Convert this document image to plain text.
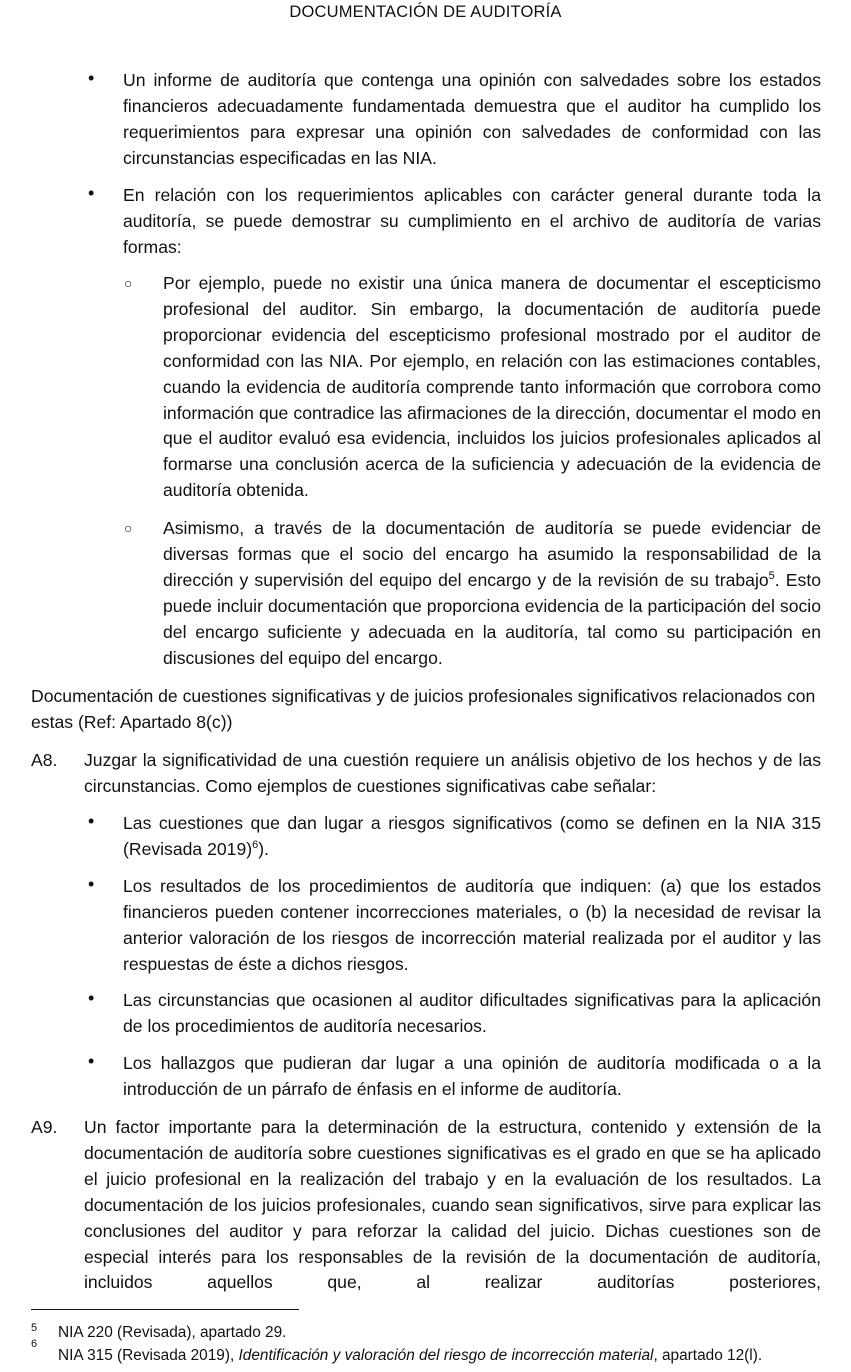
DOCUMENTACIÓN DE AUDITORÍA
• Un informe de auditoría que contenga una opinión con salvedades sobre los estados financieros adecuadamente fundamentada demuestra que el auditor ha cumplido los requerimientos para expresar una opinión con salvedades de conformidad con las circunstancias especificadas en las NIA.
• En relación con los requerimientos aplicables con carácter general durante toda la auditoría, se puede demostrar su cumplimiento en el archivo de auditoría de varias formas:
○ Por ejemplo, puede no existir una única manera de documentar el escepticismo profesional del auditor. Sin embargo, la documentación de auditoría puede proporcionar evidencia del escepticismo profesional mostrado por el auditor de conformidad con las NIA. Por ejemplo, en relación con las estimaciones contables, cuando la evidencia de auditoría comprende tanto información que corrobora como información que contradice las afirmaciones de la dirección, documentar el modo en que el auditor evaluó esa evidencia, incluidos los juicios profesionales aplicados al formarse una conclusión acerca de la suficiencia y adecuación de la evidencia de auditoría obtenida.
○ Asimismo, a través de la documentación de auditoría se puede evidenciar de diversas formas que el socio del encargo ha asumido la responsabilidad de la dirección y supervisión del equipo del encargo y de la revisión de su trabajo$^5$. Esto puede incluir documentación que proporciona evidencia de la participación del socio del encargo suficiente y adecuada en la auditoría, tal como su participación en discusiones del equipo del encargo.
Documentación de cuestiones significativas y de juicios profesionales significativos relacionados con estas (Ref: Apartado 8(c))
A8. Juzgar la significatividad de una cuestión requiere un análisis objetivo de los hechos y de las circunstancias. Como ejemplos de cuestiones significativas cabe señalar:
• Las cuestiones que dan lugar a riesgos significativos (como se definen en la NIA 315 (Revisada 2019)$^6$).
• Los resultados de los procedimientos de auditoría que indiquen: (a) que los estados financieros pueden contener incorrecciones materiales, o (b) la necesidad de revisar la anterior valoración de los riesgos de incorrección material realizada por el auditor y las respuestas de éste a dichos riesgos.
• Las circunstancias que ocasionen al auditor dificultades significativas para la aplicación de los procedimientos de auditoría necesarios.
• Los hallazgos que pudieran dar lugar a una opinión de auditoría modificada o a la introducción de un párrafo de énfasis en el informe de auditoría.
A9. Un factor importante para la determinación de la estructura, contenido y extensión de la documentación de auditoría sobre cuestiones significativas es el grado en que se ha aplicado el juicio profesional en la realización del trabajo y en la evaluación de los resultados. La documentación de los juicios profesionales, cuando sean significativos, sirve para explicar las conclusiones del auditor y para reforzar la calidad del juicio. Dichas cuestiones son de especial interés para los responsables de la revisión de la documentación de auditoría, incluidos aquellos que, al realizar auditorías posteriores,
5 NIA 220 (Revisada), apartado 29.
6
NIA 315 (Revisada 2019), Identificación y valoración del riesgo de incorrección material, apartado 12(l).
